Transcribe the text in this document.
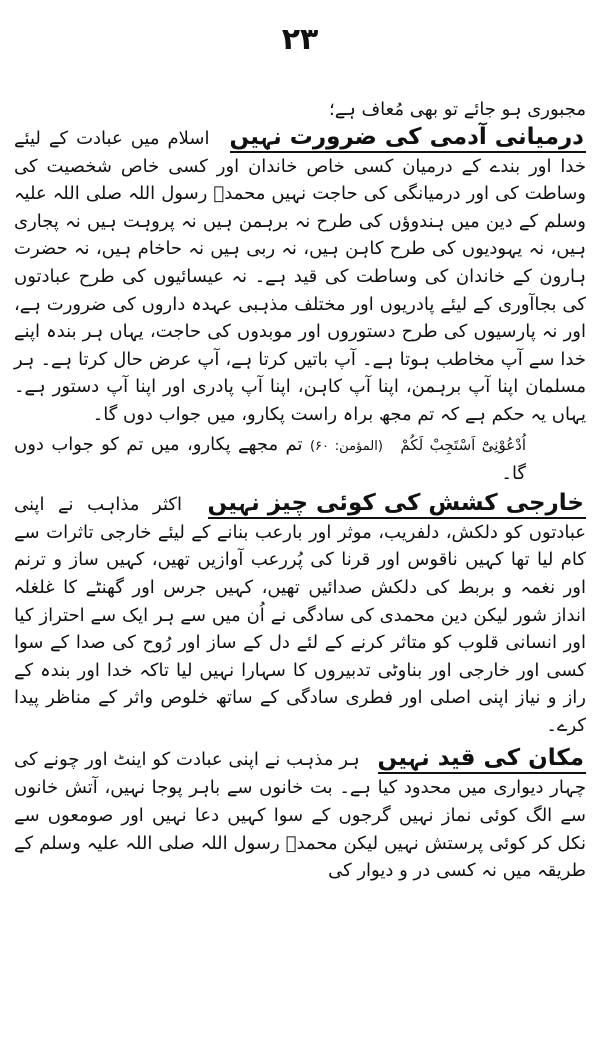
۲۳

مجبوری ہو جائے تو بھی مُعاف ہے؛

درمیانی آدمی کی ضرورت نہیں اسلام میں عبادت کے لیئے خدا اور بندے کے درمیان کسی خاص خاندان اور کسی خاص شخصیت کی وساطت کی اور درمیانگی کی حاجت نہیں محمدؐ رسول اللہ صلی اللہ علیہ وسلم کے دین میں ہندوؤں کی طرح نہ برہمن ہیں نہ پروہت ہیں نہ پجاری ہیں، نہ یہودیوں کی طرح کاہن ہیں، نہ ربی ہیں نہ حاخام ہیں، نہ حضرت ہارون کے خاندان کی وساطت کی قید ہے۔ نہ عیسائیوں کی طرح عبادتوں کی بجاآوری کے لیئے پادریوں اور مختلف مذہبی عہدہ داروں کی ضرورت ہے، اور نہ پارسیوں کی طرح دستوروں اور موبدوں کی حاجت، یہاں ہر بندہ اپنے خدا سے آپ مخاطب ہوتا ہے۔ آپ باتیں کرتا ہے، آپ عرض حال کرتا ہے۔ ہر مسلمان اپنا آپ برہمن، اپنا آپ کاہن، اپنا آپ پادری اور اپنا آپ دستور ہے۔ یہاں یہ حکم ہے کہ تم مجھ براہ راست پکارو، میں جواب دوں گا۔

اُدْعُوْنِیْٓ اَسْتَجِبْ لَکُمْ (المؤمن: ۶۰) تم مجھے پکارو، میں تم کو جواب دوں گا۔

خارجی کشش کی کوئی چیز نہیں اکثر مذاہب نے اپنی عبادتوں کو دلکش، دلفریب، موثر اور بارعب بنانے کے لیئے خارجی تاثرات سے کام لیا تھا کہیں ناقوس اور قرنا کی پُررعب آوازیں تھیں، کہیں ساز و ترنم اور نغمہ و بربط کی دلکش صدائیں تھیں، کہیں جرس اور گھنٹے کا غلغلہ انداز شور لیکن دین محمدی کی سادگی نے اُن میں سے ہر ایک سے احتراز کیا اور انسانی قلوب کو متاثر کرنے کے لئے دل کے ساز اور رُوح کی صدا کے سوا کسی اور خارجی اور بناوٹی تدبیروں کا سہارا نہیں لیا تاکہ خدا اور بندہ کے راز و نیاز اپنی اصلی اور فطری سادگی کے ساتھ خلوص واثر کے مناظر پیدا کرے۔

مکان کی قید نہیں ہر مذہب نے اپنی عبادت کو اینٹ اور چونے کی چہار دیواری میں محدود کیا ہے۔ بت خانوں سے باہر پوجا نہیں، آتش خانوں سے الگ کوئی نماز نہیں گرجوں کے سوا کہیں دعا نہیں اور صومعوں سے نکل کر کوئی پرستش نہیں لیکن محمدؐ رسول اللہ صلی اللہ علیہ وسلم کے طریقہ میں نہ کسی در و دیوار کی
